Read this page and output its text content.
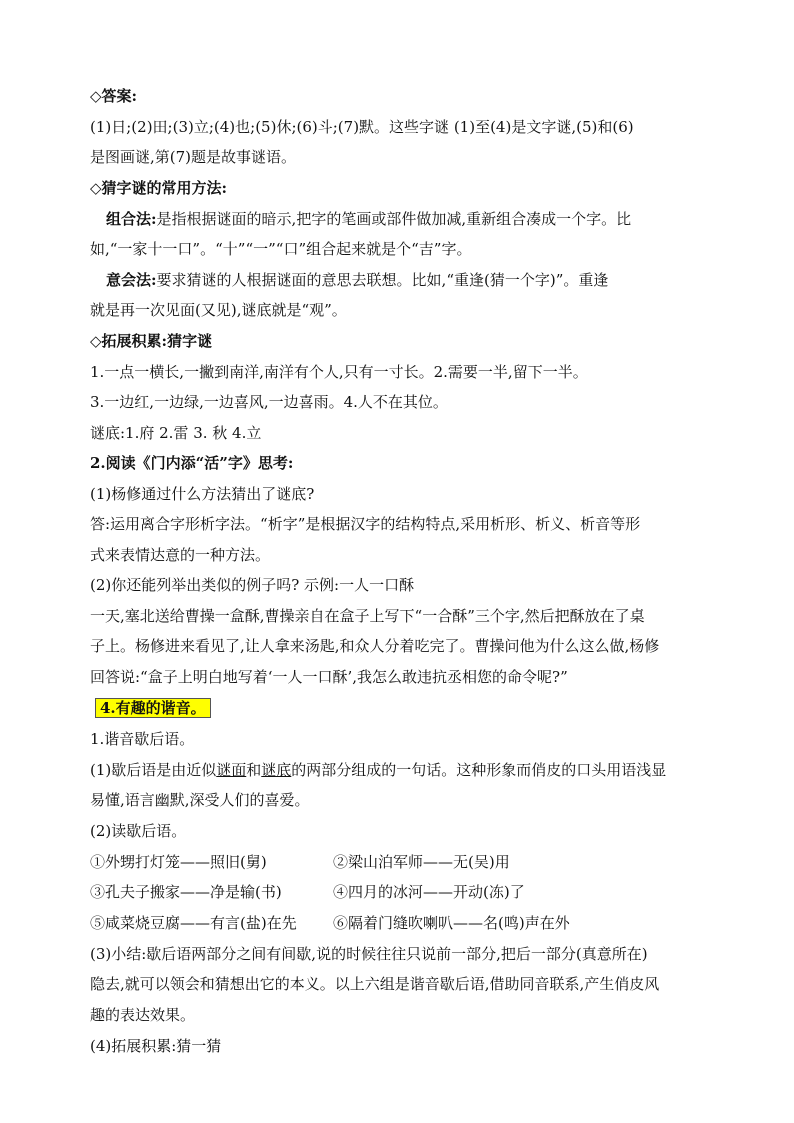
◇答案:
(1)日;(2)田;(3)立;(4)也;(5)休;(6)斗;(7)默。这些字谜 (1)至(4)是文字谜,(5)和(6)
是图画谜,第(7)题是故事谜语。
◇猜字谜的常用方法:
组合法:是指根据谜面的暗示,把字的笔画或部件做加减,重新组合凑成一个字。比
如,“一家十一口”。“十”“一”“口”组合起来就是个“吉”字。
意会法:要求猜谜的人根据谜面的意思去联想。比如,“重逢(猜一个字)”。重逢
就是再一次见面(又见),谜底就是“观”。
◇拓展积累:猜字谜
1.一点一横长,一撇到南洋,南洋有个人,只有一寸长。2.需要一半,留下一半。
3.一边红,一边绿,一边喜风,一边喜雨。4.人不在其位。
谜底:1.府 2.雷 3. 秋 4.立
2.阅读《门内添“活”字》思考:
(1)杨修通过什么方法猜出了谜底?
答:运用离合字形析字法。“析字”是根据汉字的结构特点,采用析形、析义、析音等形
式来表情达意的一种方法。
(2)你还能列举出类似的例子吗? 示例:一人一口酥
一天,塞北送给曹操一盒酥,曹操亲自在盒子上写下“一合酥”三个字,然后把酥放在了桌
子上。杨修进来看见了,让人拿来汤匙,和众人分着吃完了。曹操问他为什么这么做,杨修
回答说:“盒子上明白地写着‘一人一口酥’,我怎么敢违抗丞相您的命令呢?”
4.有趣的谐音。
1.谐音歇后语。
(1)歇后语是由近似谜面和谜底的两部分组成的一句话。这种形象而俏皮的口头用语浅显
易懂,语言幽默,深受人们的喜爱。
(2)读歇后语。
①外甥打灯笼——照旧(舅)	②梁山泊军师——无(吴)用
③孔夫子搬家——净是输(书)	④四月的冰河——开动(冻)了
⑤咸菜烧豆腐——有言(盐)在先 ⑥隔着门缝吹喇叭——名(鸣)声在外
(3)小结:歇后语两部分之间有间歇,说的时候往往只说前一部分,把后一部分(真意所在)
隐去,就可以领会和猜想出它的本义。以上六组是谐音歇后语,借助同音联系,产生俏皮风
趣的表达效果。
(4)拓展积累:猜一猜
